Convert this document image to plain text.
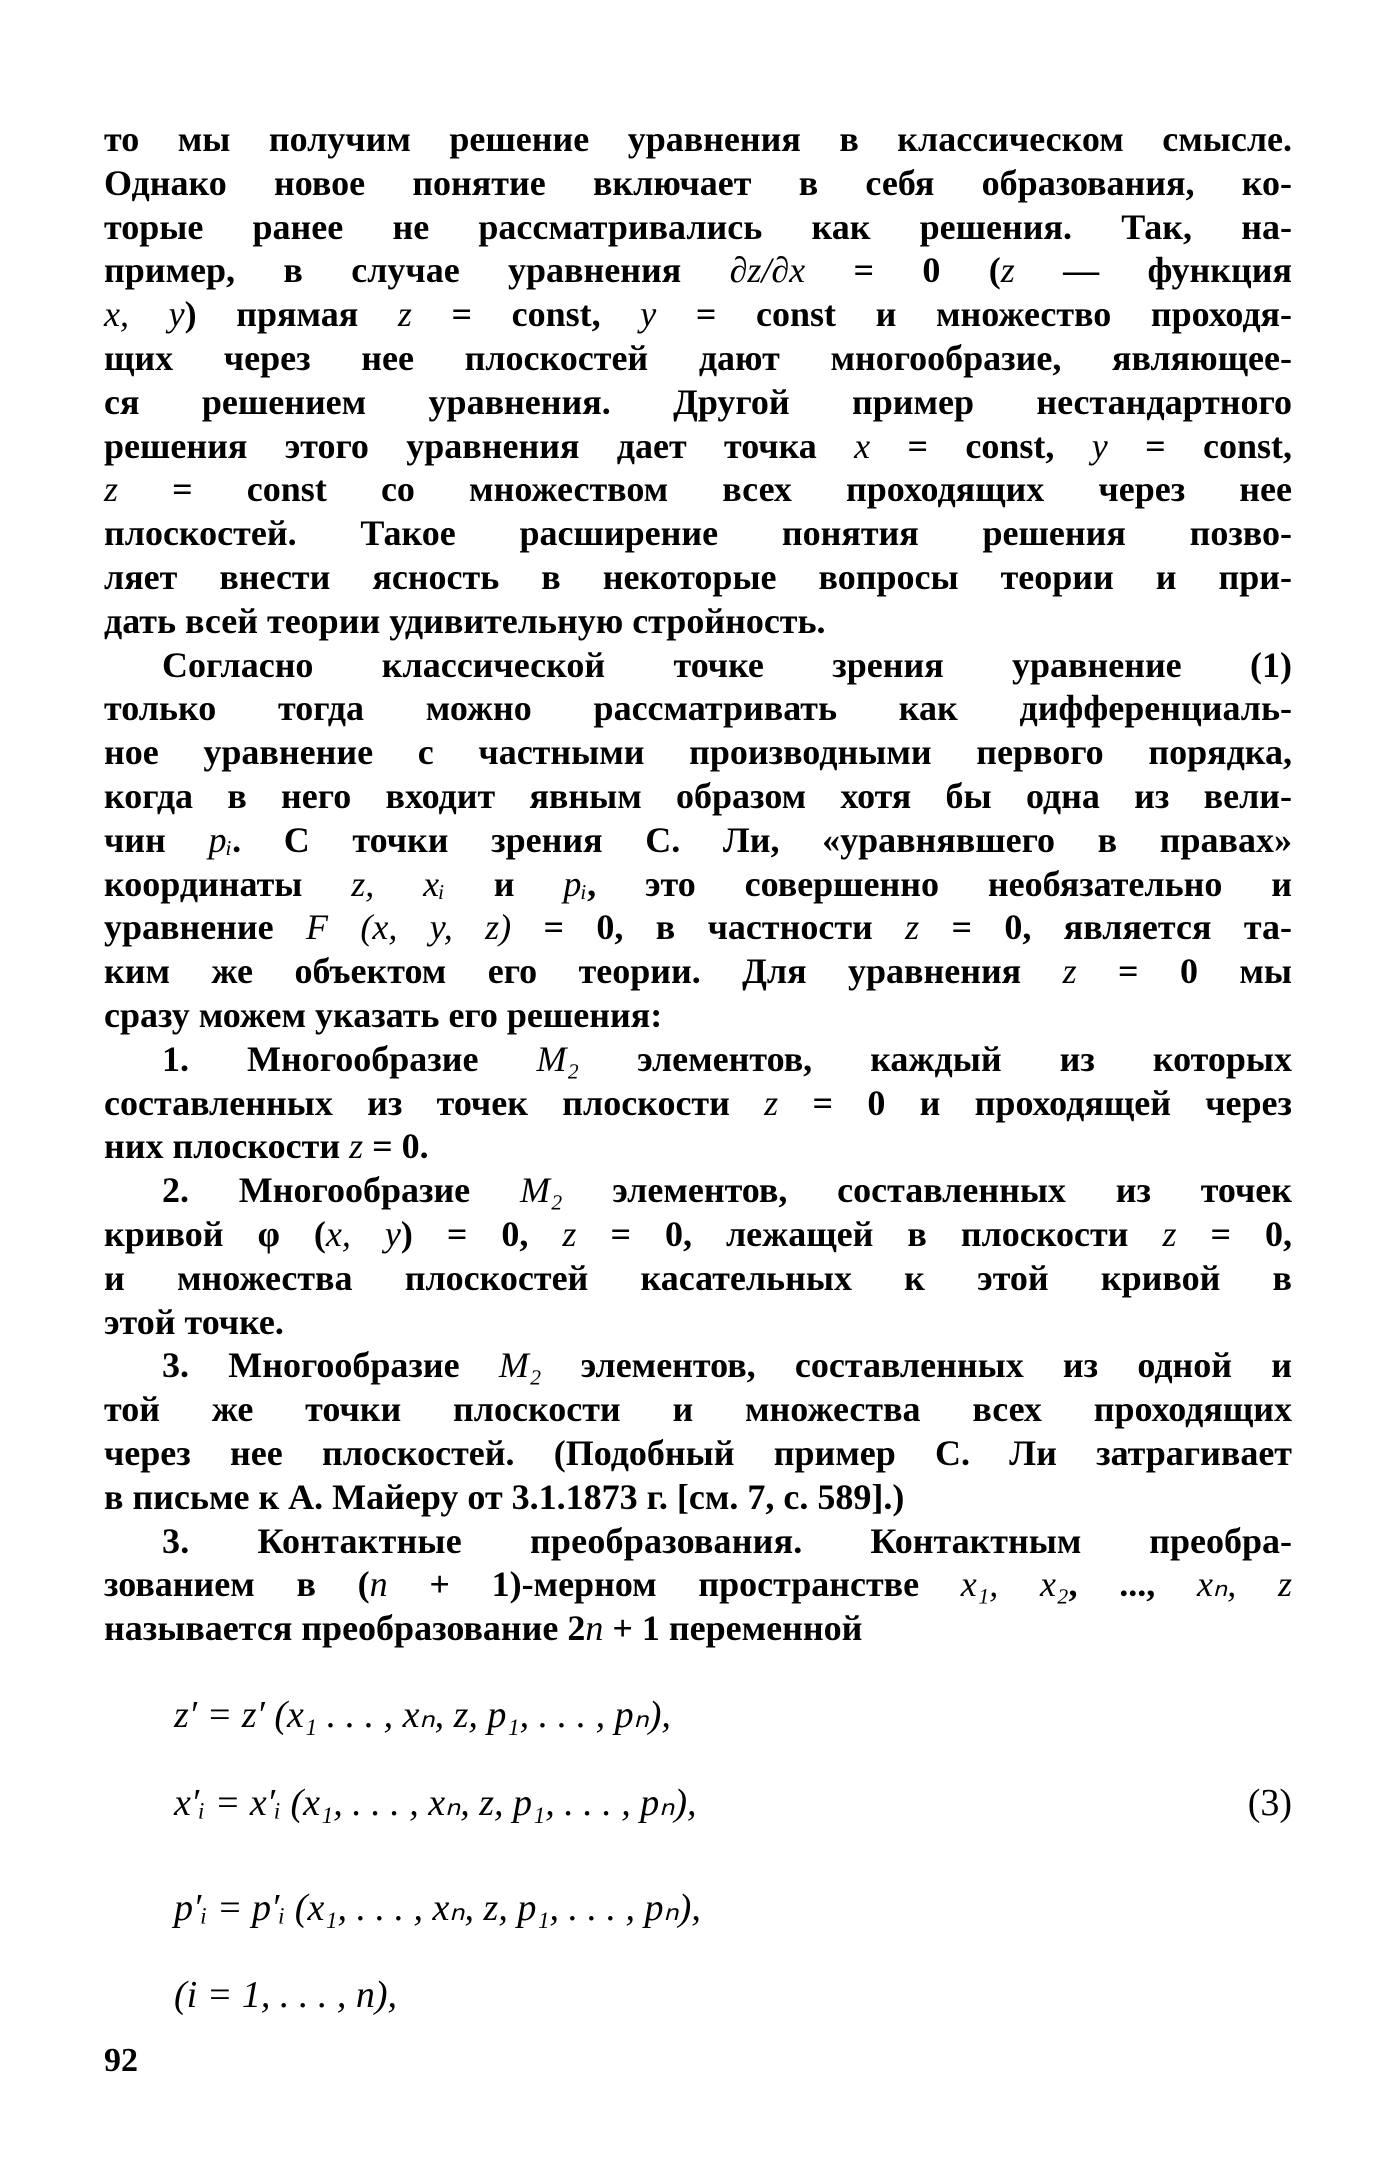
то мы получим решение уравнения в классическом смысле.
Однако новое понятие включает в себя образования, ко-
торые ранее не рассматривались как решения. Так, на-
пример, в случае уравнения ∂z/∂x = 0 (z — функция
x, y) прямая z = const, y = const и множество проходя-
щих через нее плоскостей дают многообразие, являющее-
ся решением уравнения. Другой пример нестандартного
решения этого уравнения дает точка x = const, y = const,
z = const со множеством всех проходящих через нее
плоскостей. Такое расширение понятия решения позво-
ляет внести ясность в некоторые вопросы теории и при-
дать всей теории удивительную стройность.
Согласно классической точке зрения уравнение (1)
только тогда можно рассматривать как дифференциаль-
ное уравнение с частными производными первого порядка,
когда в него входит явным образом хотя бы одна из вели-
чин pᵢ. С точки зрения С. Ли, «уравнявшего в правах»
координаты z, xᵢ и pᵢ, это совершенно необязательно и
уравнение F (x, y, z) = 0, в частности z = 0, является та-
ким же объектом его теории. Для уравнения z = 0 мы
сразу можем указать его решения:
1. Многообразие M₂ элементов, каждый из которых
составленных из точек плоскости z = 0 и проходящей через
них плоскости z = 0.
2. Многообразие M₂ элементов, составленных из точек
кривой φ (x, y) = 0, z = 0, лежащей в плоскости z = 0,
и множества плоскостей касательных к этой кривой в
этой точке.
3. Многообразие M₂ элементов, составленных из одной и
той же точки плоскости и множества всех проходящих
через нее плоскостей. (Подобный пример С. Ли затрагивает
в письме к А. Майеру от 3.1.1873 г. [см. 7, с. 589].)
3. Контактные преобразования. Контактным преобра-
зованием в (n + 1)-мерном пространстве x₁, x₂, ..., xₙ, z
называется преобразование 2n + 1 переменной
z′ = z′ (x₁ . . . , xₙ, z, p₁, . . . , pₙ),
x′ᵢ = x′ᵢ (x₁, . . . , xₙ, z, p₁, . . . , pₙ),	(3)
p′ᵢ = p′ᵢ (x₁, . . . , xₙ, z, p₁, . . . , pₙ),
(i = 1, . . . , n),
92
